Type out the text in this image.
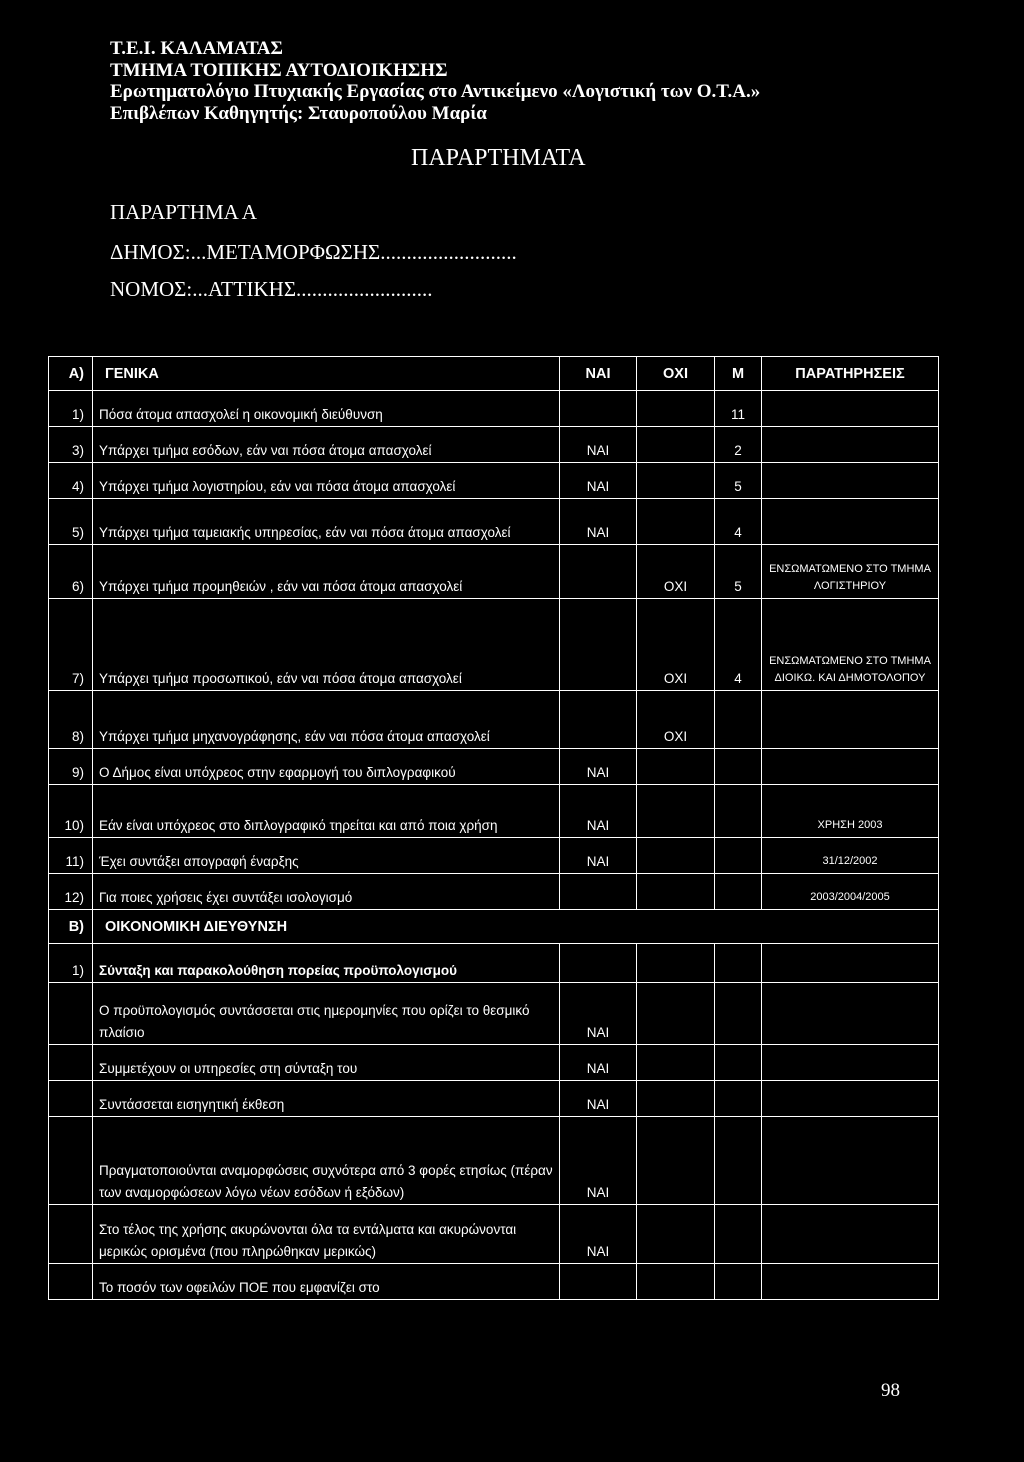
Τ.Ε.Ι. ΚΑΛΑΜΑΤΑΣ
ΤΜΗΜΑ ΤΟΠΙΚΗΣ ΑΥΤΟΔΙΟΙΚΗΣΗΣ
Ερωτηματολόγιο Πτυχιακής Εργασίας στο Αντικείμενο «Λογιστική των Ο.Τ.Α.»
Επιβλέπων Καθηγητής: Σταυροπούλου Μαρία
ΠΑΡΑΡΤΗΜΑΤΑ
ΠΑΡΑΡΤΗΜΑ Α
ΔΗΜΟΣ:...ΜΕΤΑΜΟΡΦΩΣΗΣ..........................
ΝΟΜΟΣ:...ΑΤΤΙΚΗΣ..........................
Α)	ΓΕΝΙΚΑ	ΝΑΙ	ΟΧΙ	Μ	ΠΑΡΑΤΗΡΗΣΕΙΣ
1)	Πόσα άτομα απασχολεί η οικονομική διεύθυνση			11	
3)	Υπάρχει τμήμα εσόδων, εάν ναι πόσα άτομα απασχολεί	ΝΑΙ		2	
4)	Υπάρχει τμήμα λογιστηρίου, εάν ναι πόσα άτομα απασχολεί	ΝΑΙ		5	
5)	Υπάρχει τμήμα ταμειακής υπηρεσίας, εάν ναι πόσα άτομα απασχολεί	ΝΑΙ		4	
6)	Υπάρχει τμήμα προμηθειών , εάν ναι πόσα άτομα απασχολεί		ΟΧΙ	5	ΕΝΣΩΜΑΤΩΜΕΝΟ ΣΤΟ ΤΜΗΜΑ ΛΟΓΙΣΤΗΡΙΟΥ
7)	Υπάρχει τμήμα προσωπικού, εάν ναι πόσα άτομα απασχολεί		ΟΧΙ	4	ΕΝΣΩΜΑΤΩΜΕΝΟ ΣΤΟ ΤΜΗΜΑ ΔΙΟΙΚΩ. ΚΑΙ ΔΗΜΟΤΟΛΟΠΟΥ
8)	Υπάρχει τμήμα μηχανογράφησης, εάν ναι πόσα άτομα απασχολεί		ΟΧΙ		
9)	Ο Δήμος είναι υπόχρεος στην εφαρμογή του διπλογραφικού	ΝΑΙ			
10)	Εάν είναι υπόχρεος στο διπλογραφικό τηρείται και από ποια χρήση	ΝΑΙ			ΧΡΗΣΗ 2003
11)	Έχει συντάξει απογραφή έναρξης	ΝΑΙ			31/12/2002
12)	Για ποιες χρήσεις έχει συντάξει ισολογισμό				2003/2004/2005
Β)	ΟΙΚΟΝΟΜΙΚΗ ΔΙΕΥΘΥΝΣΗ				
1)	Σύνταξη και παρακολούθηση πορείας προϋπολογισμού				
	Ο προϋπολογισμός συντάσσεται στις ημερομηνίες που ορίζει το θεσμικό πλαίσιο	ΝΑΙ			
	Συμμετέχουν οι υπηρεσίες στη σύνταξη του	ΝΑΙ			
	Συντάσσεται εισηγητική έκθεση	ΝΑΙ			
	Πραγματοποιούνται αναμορφώσεις συχνότερα από 3 φορές ετησίως (πέραν των αναμορφώσεων λόγω νέων εσόδων ή εξόδων)	ΝΑΙ			
	Στο τέλος της χρήσης ακυρώνονται όλα τα εντάλματα και ακυρώνονται μερικώς ορισμένα (που πληρώθηκαν μερικώς)	ΝΑΙ			
	Το ποσόν των οφειλών ΠΟΕ που εμφανίζει στο				
98
